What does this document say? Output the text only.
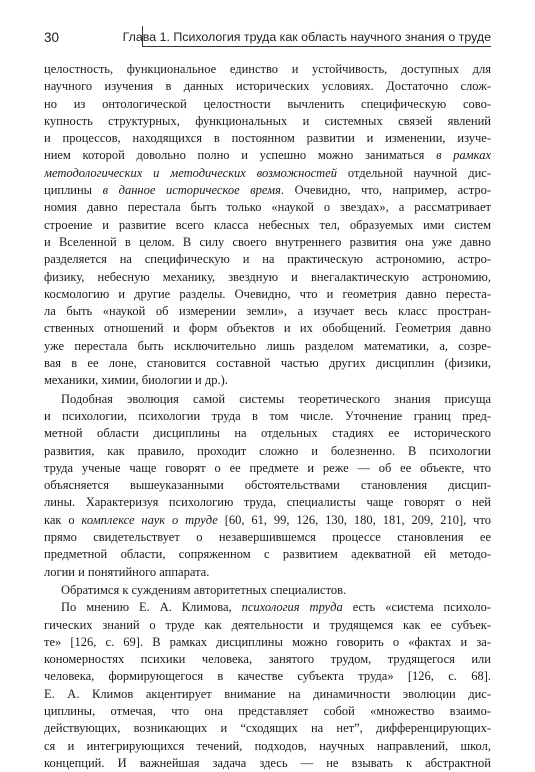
30	Глава 1. Психология труда как область научного знания о труде
целостность, функциональное единство и устойчивость, доступных для
научного изучения в данных исторических условиях. Достаточно слож-
но из онтологической целостности вычленить специфическую сово-
купность структурных, функциональных и системных связей явлений
и процессов, находящихся в постоянном развитии и изменении, изуче-
нием которой довольно полно и успешно можно заниматься в рамках
методологических и методических возможностей отдельной научной дис-
циплины в данное историческое время. Очевидно, что, например, астро-
номия давно перестала быть только «наукой о звездах», а рассматривает
строение и развитие всего класса небесных тел, образуемых ими систем
и Вселенной в целом. В силу своего внутреннего развития она уже давно
разделяется на специфическую и на практическую астрономию, астро-
физику, небесную механику, звездную и внегалактическую астрономию,
космологию и другие разделы. Очевидно, что и геометрия давно переста-
ла быть «наукой об измерении земли», а изучает весь класс простран-
ственных отношений и форм объектов и их обобщений. Геометрия давно
уже перестала быть исключительно лишь разделом математики, а, созре-
вая в ее лоне, становится составной частью других дисциплин (физики,
механики, химии, биологии и др.).
Подобная эволюция самой системы теоретического знания присуща
и психологии, психологии труда в том числе. Уточнение границ пред-
метной области дисциплины на отдельных стадиях ее исторического
развития, как правило, проходит сложно и болезненно. В психологии
труда ученые чаще говорят о ее предмете и реже — об ее объекте, что
объясняется вышеуказанными обстоятельствами становления дисцип-
лины. Характеризуя психологию труда, специалисты чаще говорят о ней
как о комплексе наук о труде [60, 61, 99, 126, 130, 180, 181, 209, 210], что
прямо свидетельствует о незавершившемся процессе становления ее
предметной области, сопряженном с развитием адекватной ей методо-
логии и понятийного аппарата.
Обратимся к суждениям авторитетных специалистов.
По мнению Е. А. Климова, психология труда есть «система психоло-
гических знаний о труде как деятельности и трудящемся как ее субъек-
те» [126, с. 69]. В рамках дисциплины можно говорить о «фактах и за-
кономерностях психики человека, занятого трудом, трудящегося или
человека, формирующегося в качестве субъекта труда» [126, с. 68].
Е. А. Климов акцентирует внимание на динамичности эволюции дис-
циплины, отмечая, что она представляет собой «множество взаимо-
действующих, возникающих и “сходящих на нет”, дифференцирующих-
ся и интегрирующихся течений, подходов, научных направлений, школ,
концепций. И важнейшая задача здесь — не взывать к абстрактной
